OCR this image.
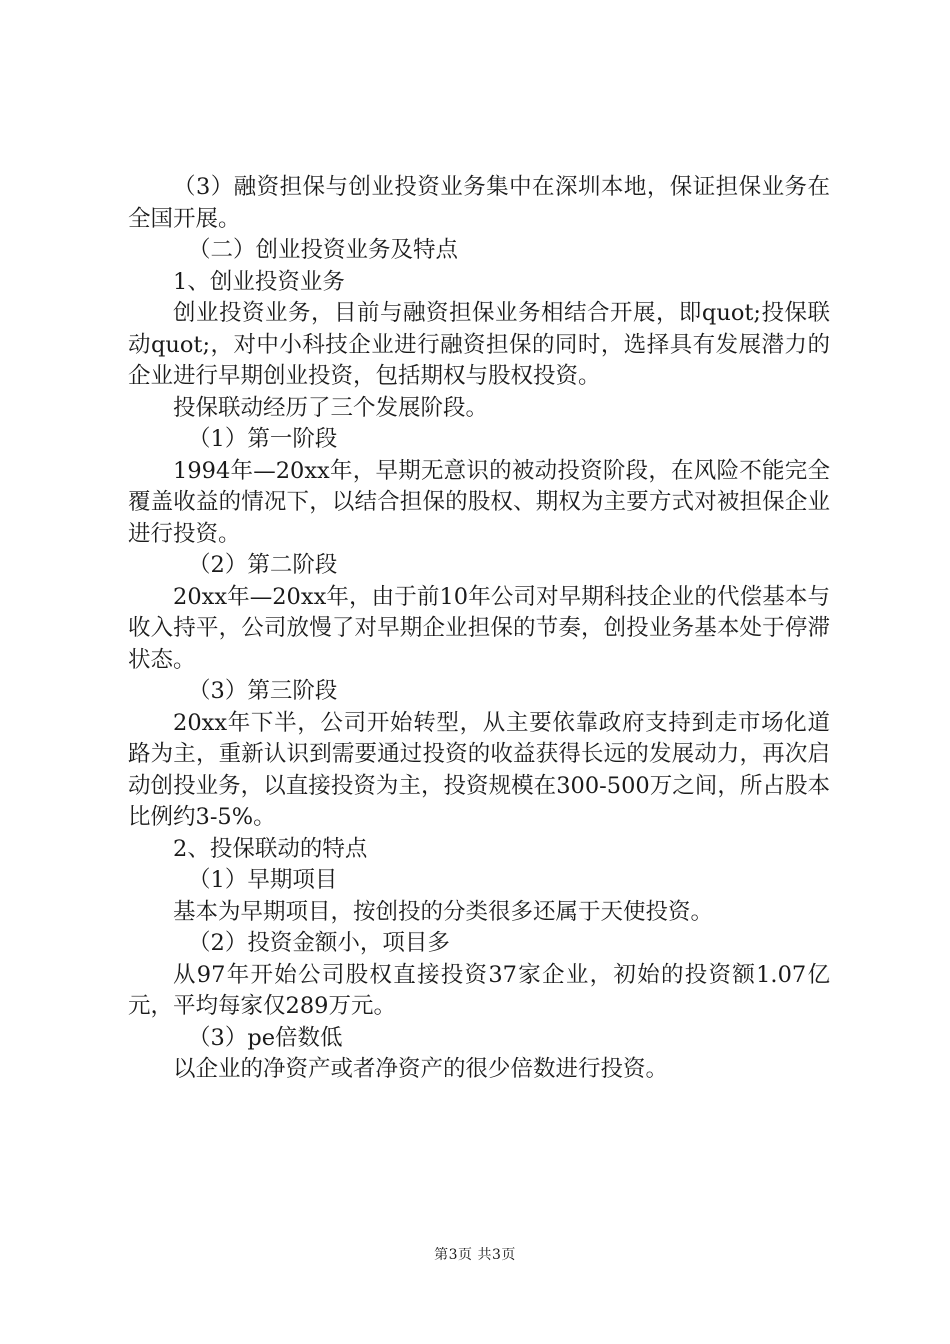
（3）融资担保与创业投资业务集中在深圳本地，保证担保业务在全国开展。

（二）创业投资业务及特点

1、创业投资业务

创业投资业务，目前与融资担保业务相结合开展，即quot;投保联动quot;，对中小科技企业进行融资担保的同时，选择具有发展潜力的企业进行早期创业投资，包括期权与股权投资。

投保联动经历了三个发展阶段。

（1）第一阶段

1994年—20xx年，早期无意识的被动投资阶段，在风险不能完全覆盖收益的情况下，以结合担保的股权、期权为主要方式对被担保企业进行投资。

（2）第二阶段

20xx年—20xx年，由于前10年公司对早期科技企业的代偿基本与收入持平，公司放慢了对早期企业担保的节奏，创投业务基本处于停滞状态。

（3）第三阶段

20xx年下半，公司开始转型，从主要依靠政府支持到走市场化道路为主，重新认识到需要通过投资的收益获得长远的发展动力，再次启动创投业务，以直接投资为主，投资规模在300-500万之间，所占股本比例约3-5%。

2、投保联动的特点

（1）早期项目

基本为早期项目，按创投的分类很多还属于天使投资。

（2）投资金额小，项目多

从97年开始公司股权直接投资37家企业，初始的投资额1.07亿元，平均每家仅289万元。

（3）pe倍数低

以企业的净资产或者净资产的很少倍数进行投资。

第3页 共3页
